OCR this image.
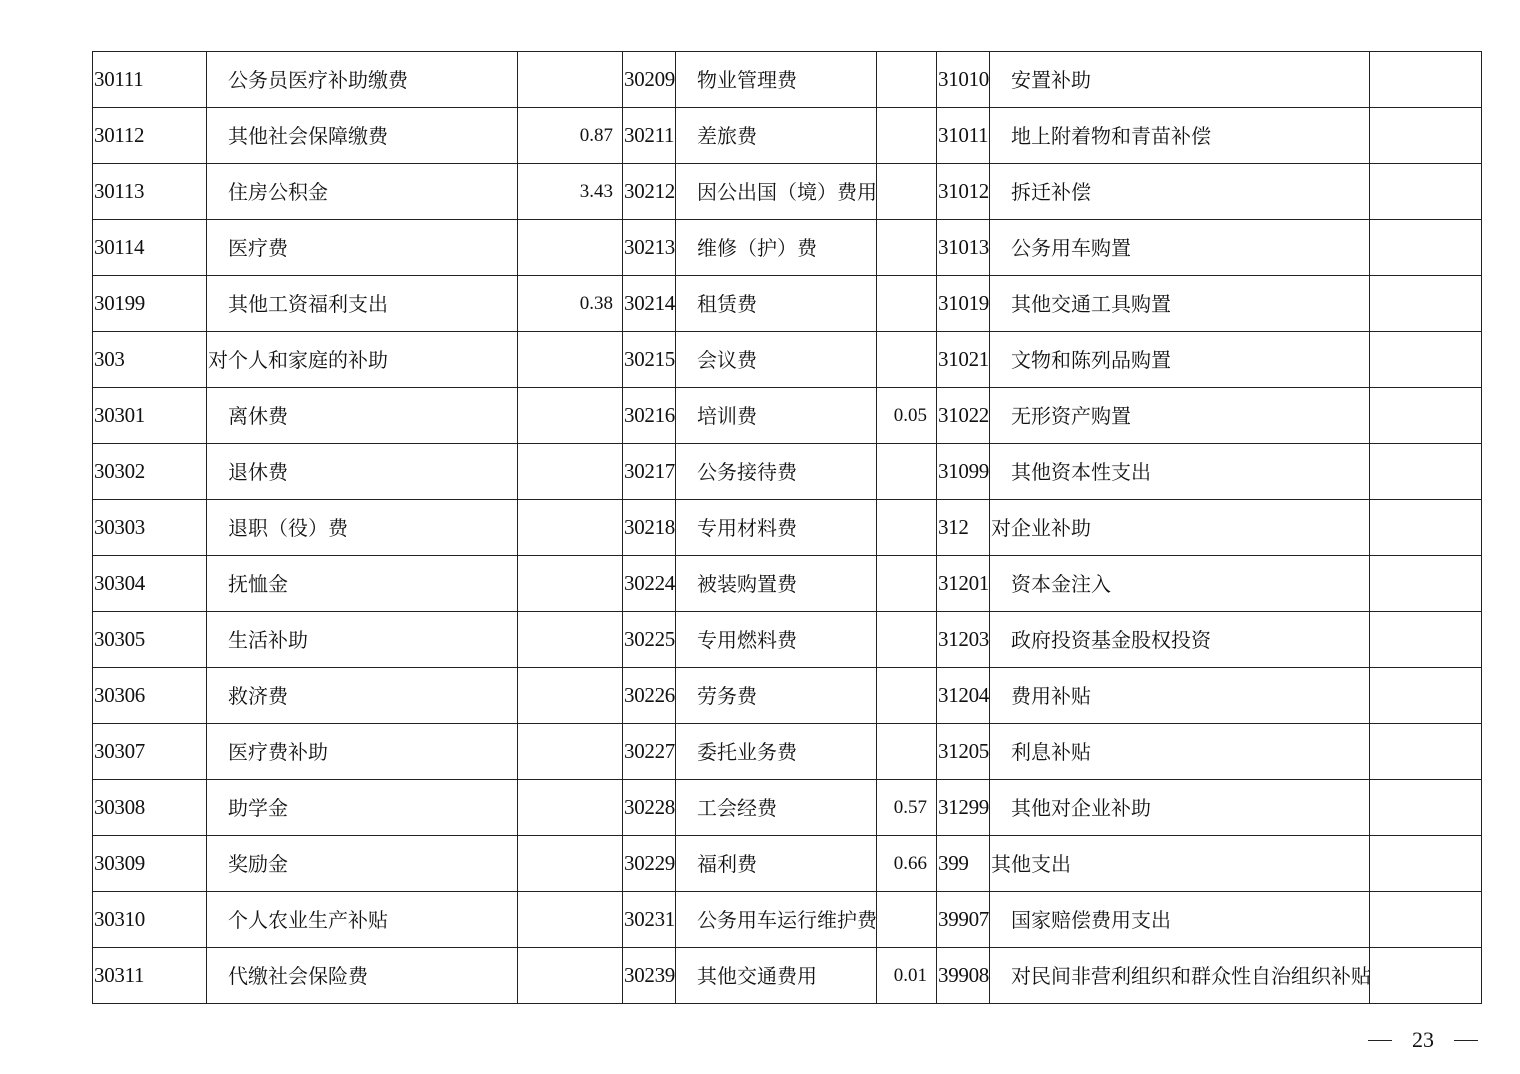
30111	公务员医疗补助缴费		30209	物业管理费		31010	安置补助	
30112	其他社会保障缴费	0.87	30211	差旅费		31011	地上附着物和青苗补偿	
30113	住房公积金	3.43	30212	因公出国（境）费用		31012	拆迁补偿	
30114	医疗费		30213	维修（护）费		31013	公务用车购置	
30199	其他工资福利支出	0.38	30214	租赁费		31019	其他交通工具购置	
303	对个人和家庭的补助		30215	会议费		31021	文物和陈列品购置	
30301	离休费		30216	培训费	0.05	31022	无形资产购置	
30302	退休费		30217	公务接待费		31099	其他资本性支出	
30303	退职（役）费		30218	专用材料费		312	对企业补助	
30304	抚恤金		30224	被装购置费		31201	资本金注入	
30305	生活补助		30225	专用燃料费		31203	政府投资基金股权投资	
30306	救济费		30226	劳务费		31204	费用补贴	
30307	医疗费补助		30227	委托业务费		31205	利息补贴	
30308	助学金		30228	工会经费	0.57	31299	其他对企业补助	
30309	奖励金		30229	福利费	0.66	399	其他支出	
30310	个人农业生产补贴		30231	公务用车运行维护费		39907	国家赔偿费用支出	
30311	代缴社会保险费		30239	其他交通费用	0.01	39908	对民间非营利组织和群众性自治组织补贴	
23
